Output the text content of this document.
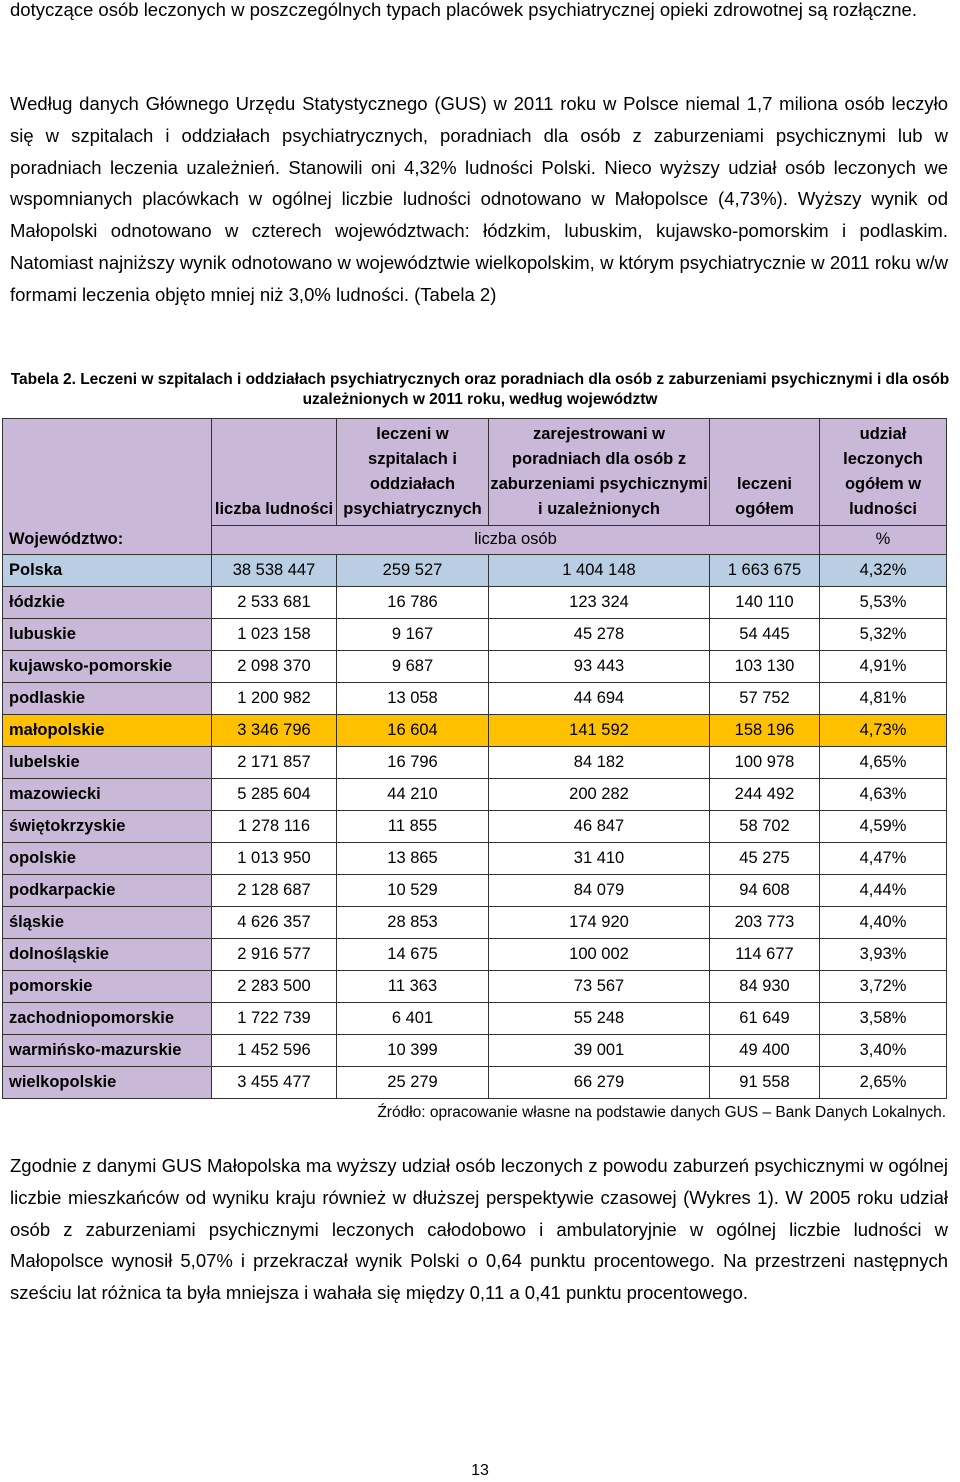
dotyczące osób leczonych w poszczególnych typach placówek psychiatrycznej opieki zdrowotnej są rozłączne.

Według danych Głównego Urzędu Statystycznego (GUS) w 2011 roku w Polsce niemal 1,7 miliona osób leczyło się w szpitalach i oddziałach psychiatrycznych, poradniach dla osób z zaburzeniami psychicznymi lub w poradniach leczenia uzależnień. Stanowili oni 4,32% ludności Polski. Nieco wyższy udział osób leczonych we wspomnianych placówkach w ogólnej liczbie ludności odnotowano w Małopolsce (4,73%). Wyższy wynik od Małopolski odnotowano w czterech województwach: łódzkim, lubuskim, kujawsko-pomorskim i podlaskim. Natomiast najniższy wynik odnotowano w województwie wielkopolskim, w którym psychiatrycznie w 2011 roku w/w formami leczenia objęto mniej niż 3,0% ludności. (Tabela 2)

Tabela 2. Leczeni w szpitalach i oddziałach psychiatrycznych oraz poradniach dla osób z zaburzeniami psychicznymi i dla osób uzależnionych w 2011 roku, według województw
	liczba ludności	leczeni w szpitalach i oddziałach psychiatrycznych	zarejestrowani w poradniach dla osób z zaburzeniami psychicznymi i uzależnionych	leczeni ogółem	udział leczonych ogółem w ludności
Województwo:	liczba osób				%
Polska	38 538 447	259 527	1 404 148	1 663 675	4,32%
łódzkie	2 533 681	16 786	123 324	140 110	5,53%
lubuskie	1 023 158	9 167	45 278	54 445	5,32%
kujawsko-pomorskie	2 098 370	9 687	93 443	103 130	4,91%
podlaskie	1 200 982	13 058	44 694	57 752	4,81%
małopolskie	3 346 796	16 604	141 592	158 196	4,73%
lubelskie	2 171 857	16 796	84 182	100 978	4,65%
mazowiecki	5 285 604	44 210	200 282	244 492	4,63%
świętokrzyskie	1 278 116	11 855	46 847	58 702	4,59%
opolskie	1 013 950	13 865	31 410	45 275	4,47%
podkarpackie	2 128 687	10 529	84 079	94 608	4,44%
śląskie	4 626 357	28 853	174 920	203 773	4,40%
dolnośląskie	2 916 577	14 675	100 002	114 677	3,93%
pomorskie	2 283 500	11 363	73 567	84 930	3,72%
zachodniopomorskie	1 722 739	6 401	55 248	61 649	3,58%
warmińsko-mazurskie	1 452 596	10 399	39 001	49 400	3,40%
wielkopolskie	3 455 477	25 279	66 279	91 558	2,65%
Źródło: opracowanie własne na podstawie danych GUS – Bank Danych Lokalnych.

Zgodnie z danymi GUS Małopolska ma wyższy udział osób leczonych z powodu zaburzeń psychicznymi w ogólnej liczbie mieszkańców od wyniku kraju również w dłuższej perspektywie czasowej (Wykres 1). W 2005 roku udział osób z zaburzeniami psychicznymi leczonych całodobowo i ambulatoryjnie w ogólnej liczbie ludności w Małopolsce wynosił 5,07% i przekraczał wynik Polski o 0,64 punktu procentowego. Na przestrzeni następnych sześciu lat różnica ta była mniejsza i wahała się między 0,11 a 0,41 punktu procentowego.

13
